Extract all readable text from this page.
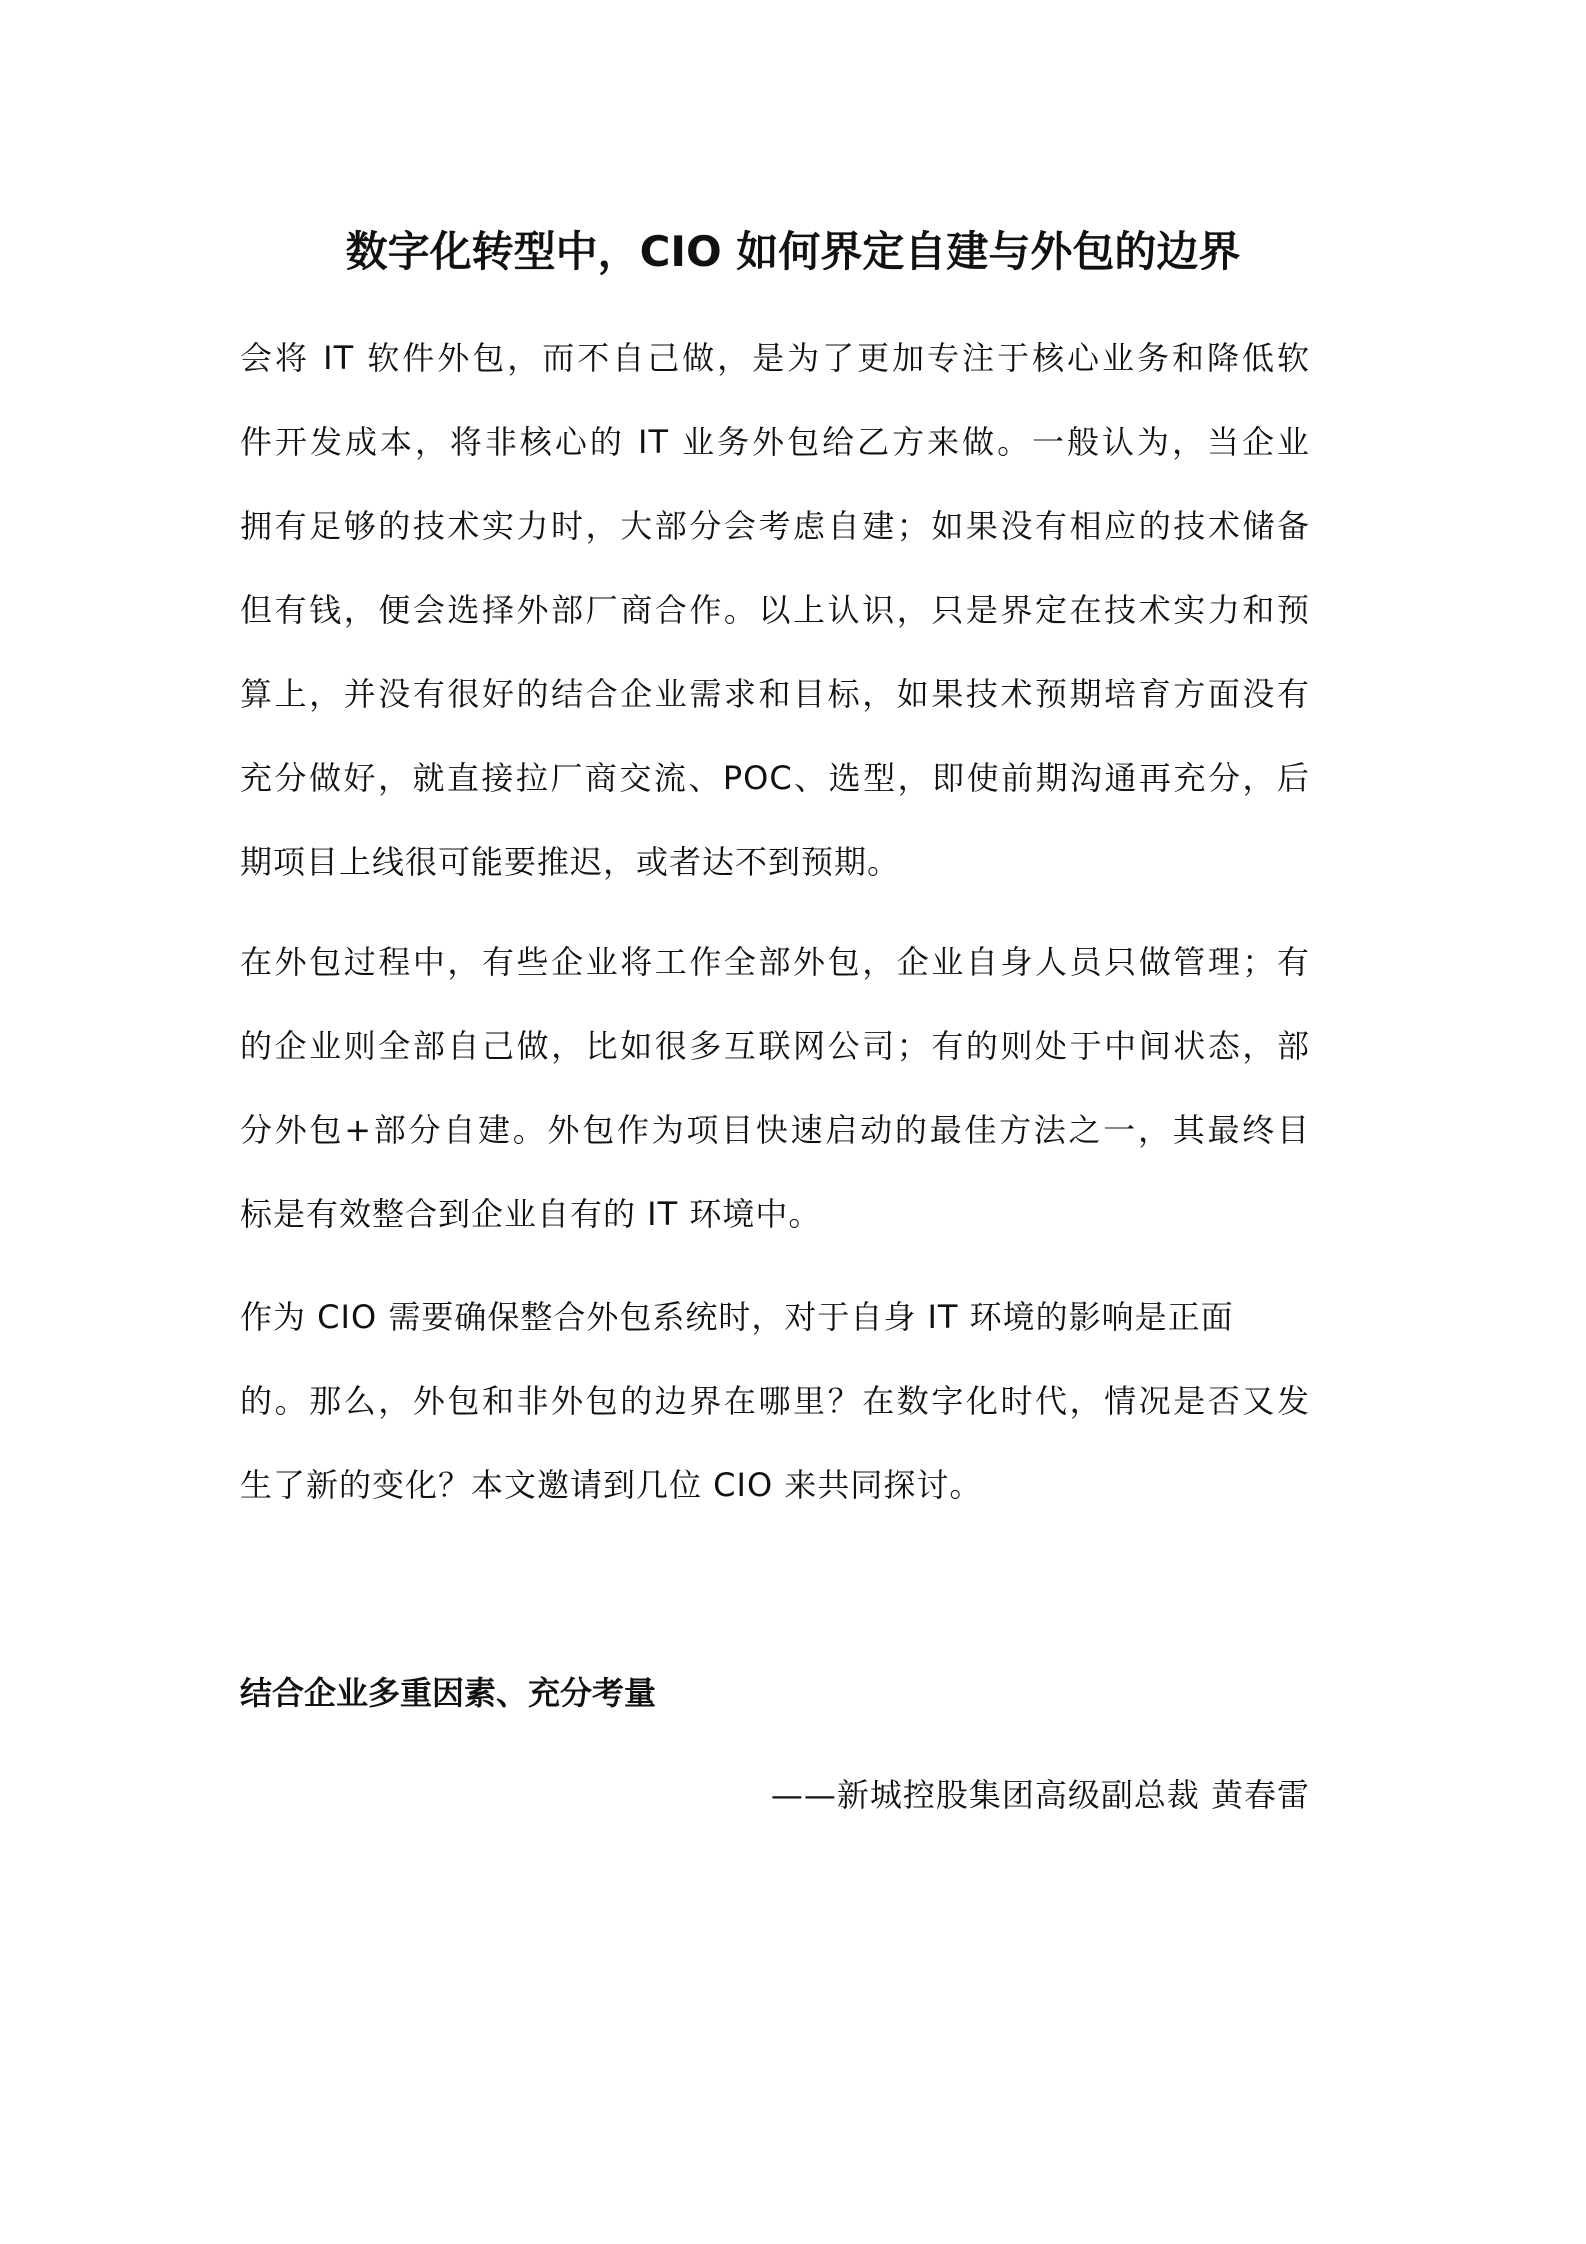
数字化转型中，CIO 如何界定自建与外包的边界
会将 IT 软件外包，而不自己做，是为了更加专注于核心业务和降低软
件开发成本，将非核心的 IT 业务外包给乙方来做。一般认为，当企业
拥有足够的技术实力时，大部分会考虑自建；如果没有相应的技术储备
但有钱，便会选择外部厂商合作。以上认识，只是界定在技术实力和预
算上，并没有很好的结合企业需求和目标，如果技术预期培育方面没有
充分做好，就直接拉厂商交流、POC、选型，即使前期沟通再充分，后
期项目上线很可能要推迟，或者达不到预期。
在外包过程中，有些企业将工作全部外包，企业自身人员只做管理；有
的企业则全部自己做，比如很多互联网公司；有的则处于中间状态，部
分外包+部分自建。外包作为项目快速启动的最佳方法之一，其最终目
标是有效整合到企业自有的 IT 环境中。
作为 CIO 需要确保整合外包系统时，对于自身 IT 环境的影响是正面
的。那么，外包和非外包的边界在哪里？在数字化时代，情况是否又发
生了新的变化？本文邀请到几位 CIO 来共同探讨。
结合企业多重因素、充分考量
——新城控股集团高级副总裁 黄春雷
